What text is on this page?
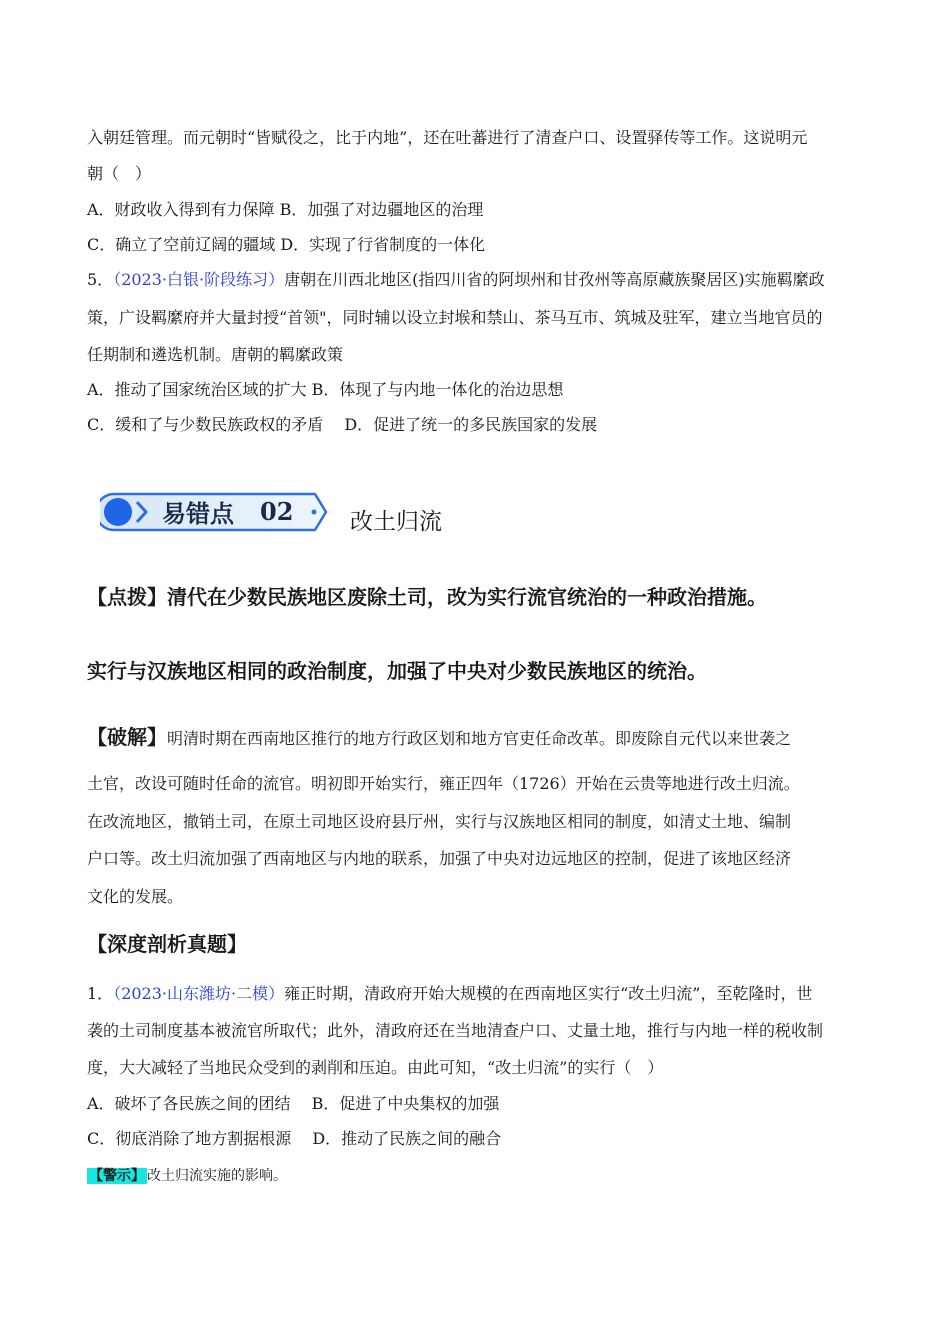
入朝廷管理。而元朝时“皆赋役之，比于内地”，还在吐蕃进行了清查户口、设置驿传等工作。这说明元
朝（　）
A．财政收入得到有力保障 B．加强了对边疆地区的治理
C．确立了空前辽阔的疆域 D．实现了行省制度的一体化
5．（2023·白银·阶段练习）唐朝在川西北地区(指四川省的阿坝州和甘孜州等高原藏族聚居区)实施羁縻政
策，广设羁縻府并大量封授“首领"，同时辅以设立封堠和禁山、茶马互市、筑城及驻军，建立当地官员的
任期制和遴选机制。唐朝的羁縻政策
A．推动了国家统治区域的扩大 B．体现了与内地一体化的治边思想
C．缓和了与少数民族政权的矛盾　 D．促进了统一的多民族国家的发展
易错点 02 改土归流
【点拨】清代在少数民族地区废除土司，改为实行流官统治的一种政治措施。
实行与汉族地区相同的政治制度，加强了中央对少数民族地区的统治。
【破解】明清时期在西南地区推行的地方行政区划和地方官吏任命改革。即废除自元代以来世袭之
土官，改设可随时任命的流官。明初即开始实行，雍正四年（1726）开始在云贵等地进行改土归流。
在改流地区，撤销土司，在原土司地区设府县厅州，实行与汉族地区相同的制度，如清丈土地、编制
户口等。改土归流加强了西南地区与内地的联系，加强了中央对边远地区的控制，促进了该地区经济
文化的发展。
【深度剖析真题】
1．（2023·山东潍坊·二模）雍正时期，清政府开始大规模的在西南地区实行“改土归流”，至乾隆时，世
袭的土司制度基本被流官所取代；此外，清政府还在当地清查户口、丈量土地，推行与内地一样的税收制
度，大大减轻了当地民众受到的剥削和压迫。由此可知，“改土归流”的实行（　）
A．破坏了各民族之间的团结　 B．促进了中央集权的加强
C．彻底消除了地方割据根源　 D．推动了民族之间的融合
【警示】 改土归流实施的影响。
